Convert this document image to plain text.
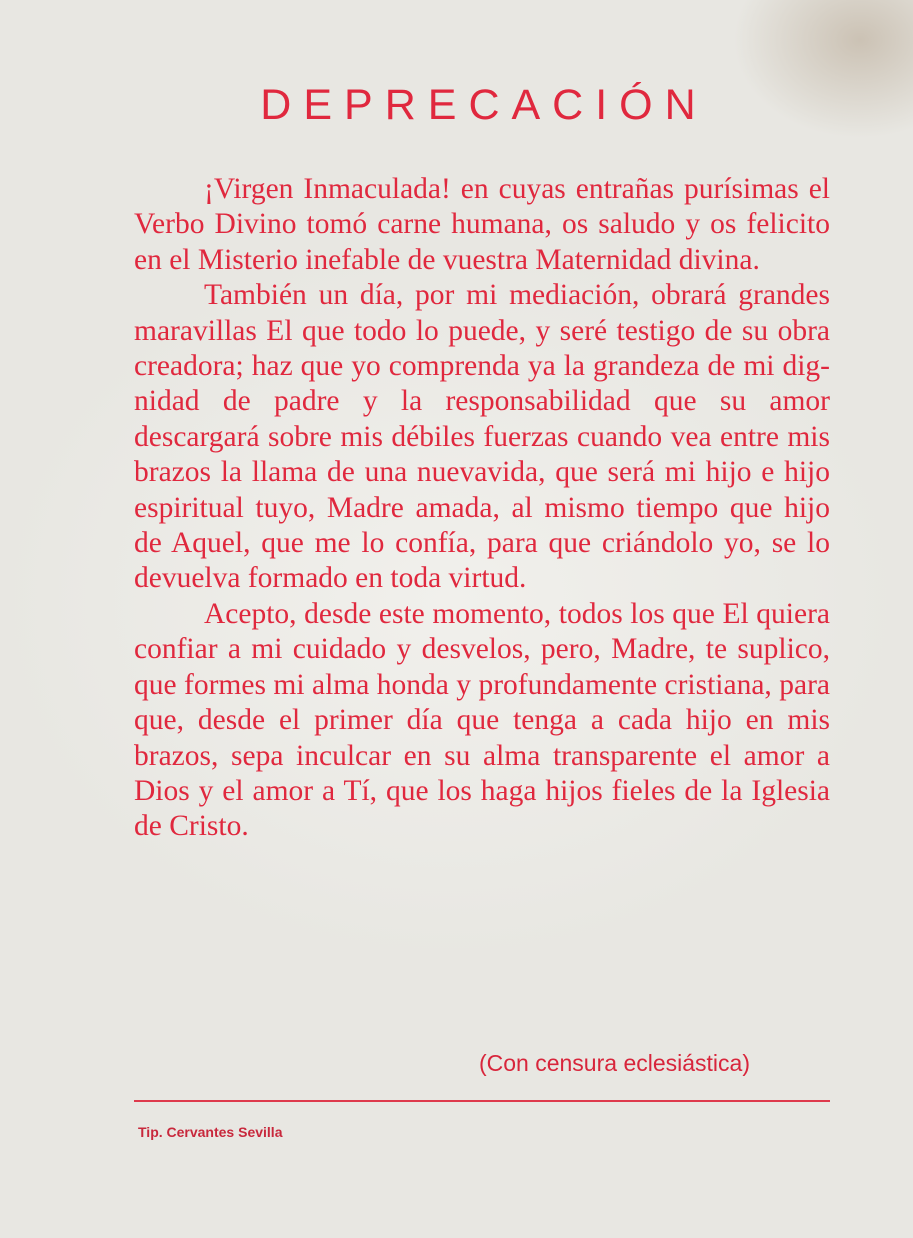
DEPRECACIÓN

¡Virgen Inmaculada! en cuyas entrañas purísimas el Verbo Divino tomó carne humana, os saludo y os felicito en el Misterio inefable de vuestra Maternidad divina.

También un día, por mi mediación, obrará grandes maravillas El que todo lo puede, y seré testigo de su obra creadora; haz que yo comprenda ya la grandeza de mi dignidad de padre y la responsabilidad que su amor descargará sobre mis débiles fuerzas cuando vea entre mis brazos la llama de una nuevavida, que será mi hijo e hijo espiritual tuyo, Madre amada, al mismo tiempo que hijo de Aquel, que me lo confía, para que criándolo yo, se lo devuelva formado en toda virtud.

Acepto, desde este momento, todos los que El quiera confiar a mi cuidado y desvelos, pero, Madre, te suplico, que formes mi alma honda y profundamente cristiana, para que, desde el primer día que tenga a cada hijo en mis brazos, sepa inculcar en su alma transparente el amor a Dios y el amor a Tí, que los haga hijos fieles de la Iglesia de Cristo.

(Con censura eclesiástica)
Tip. Cervantes Sevilla
